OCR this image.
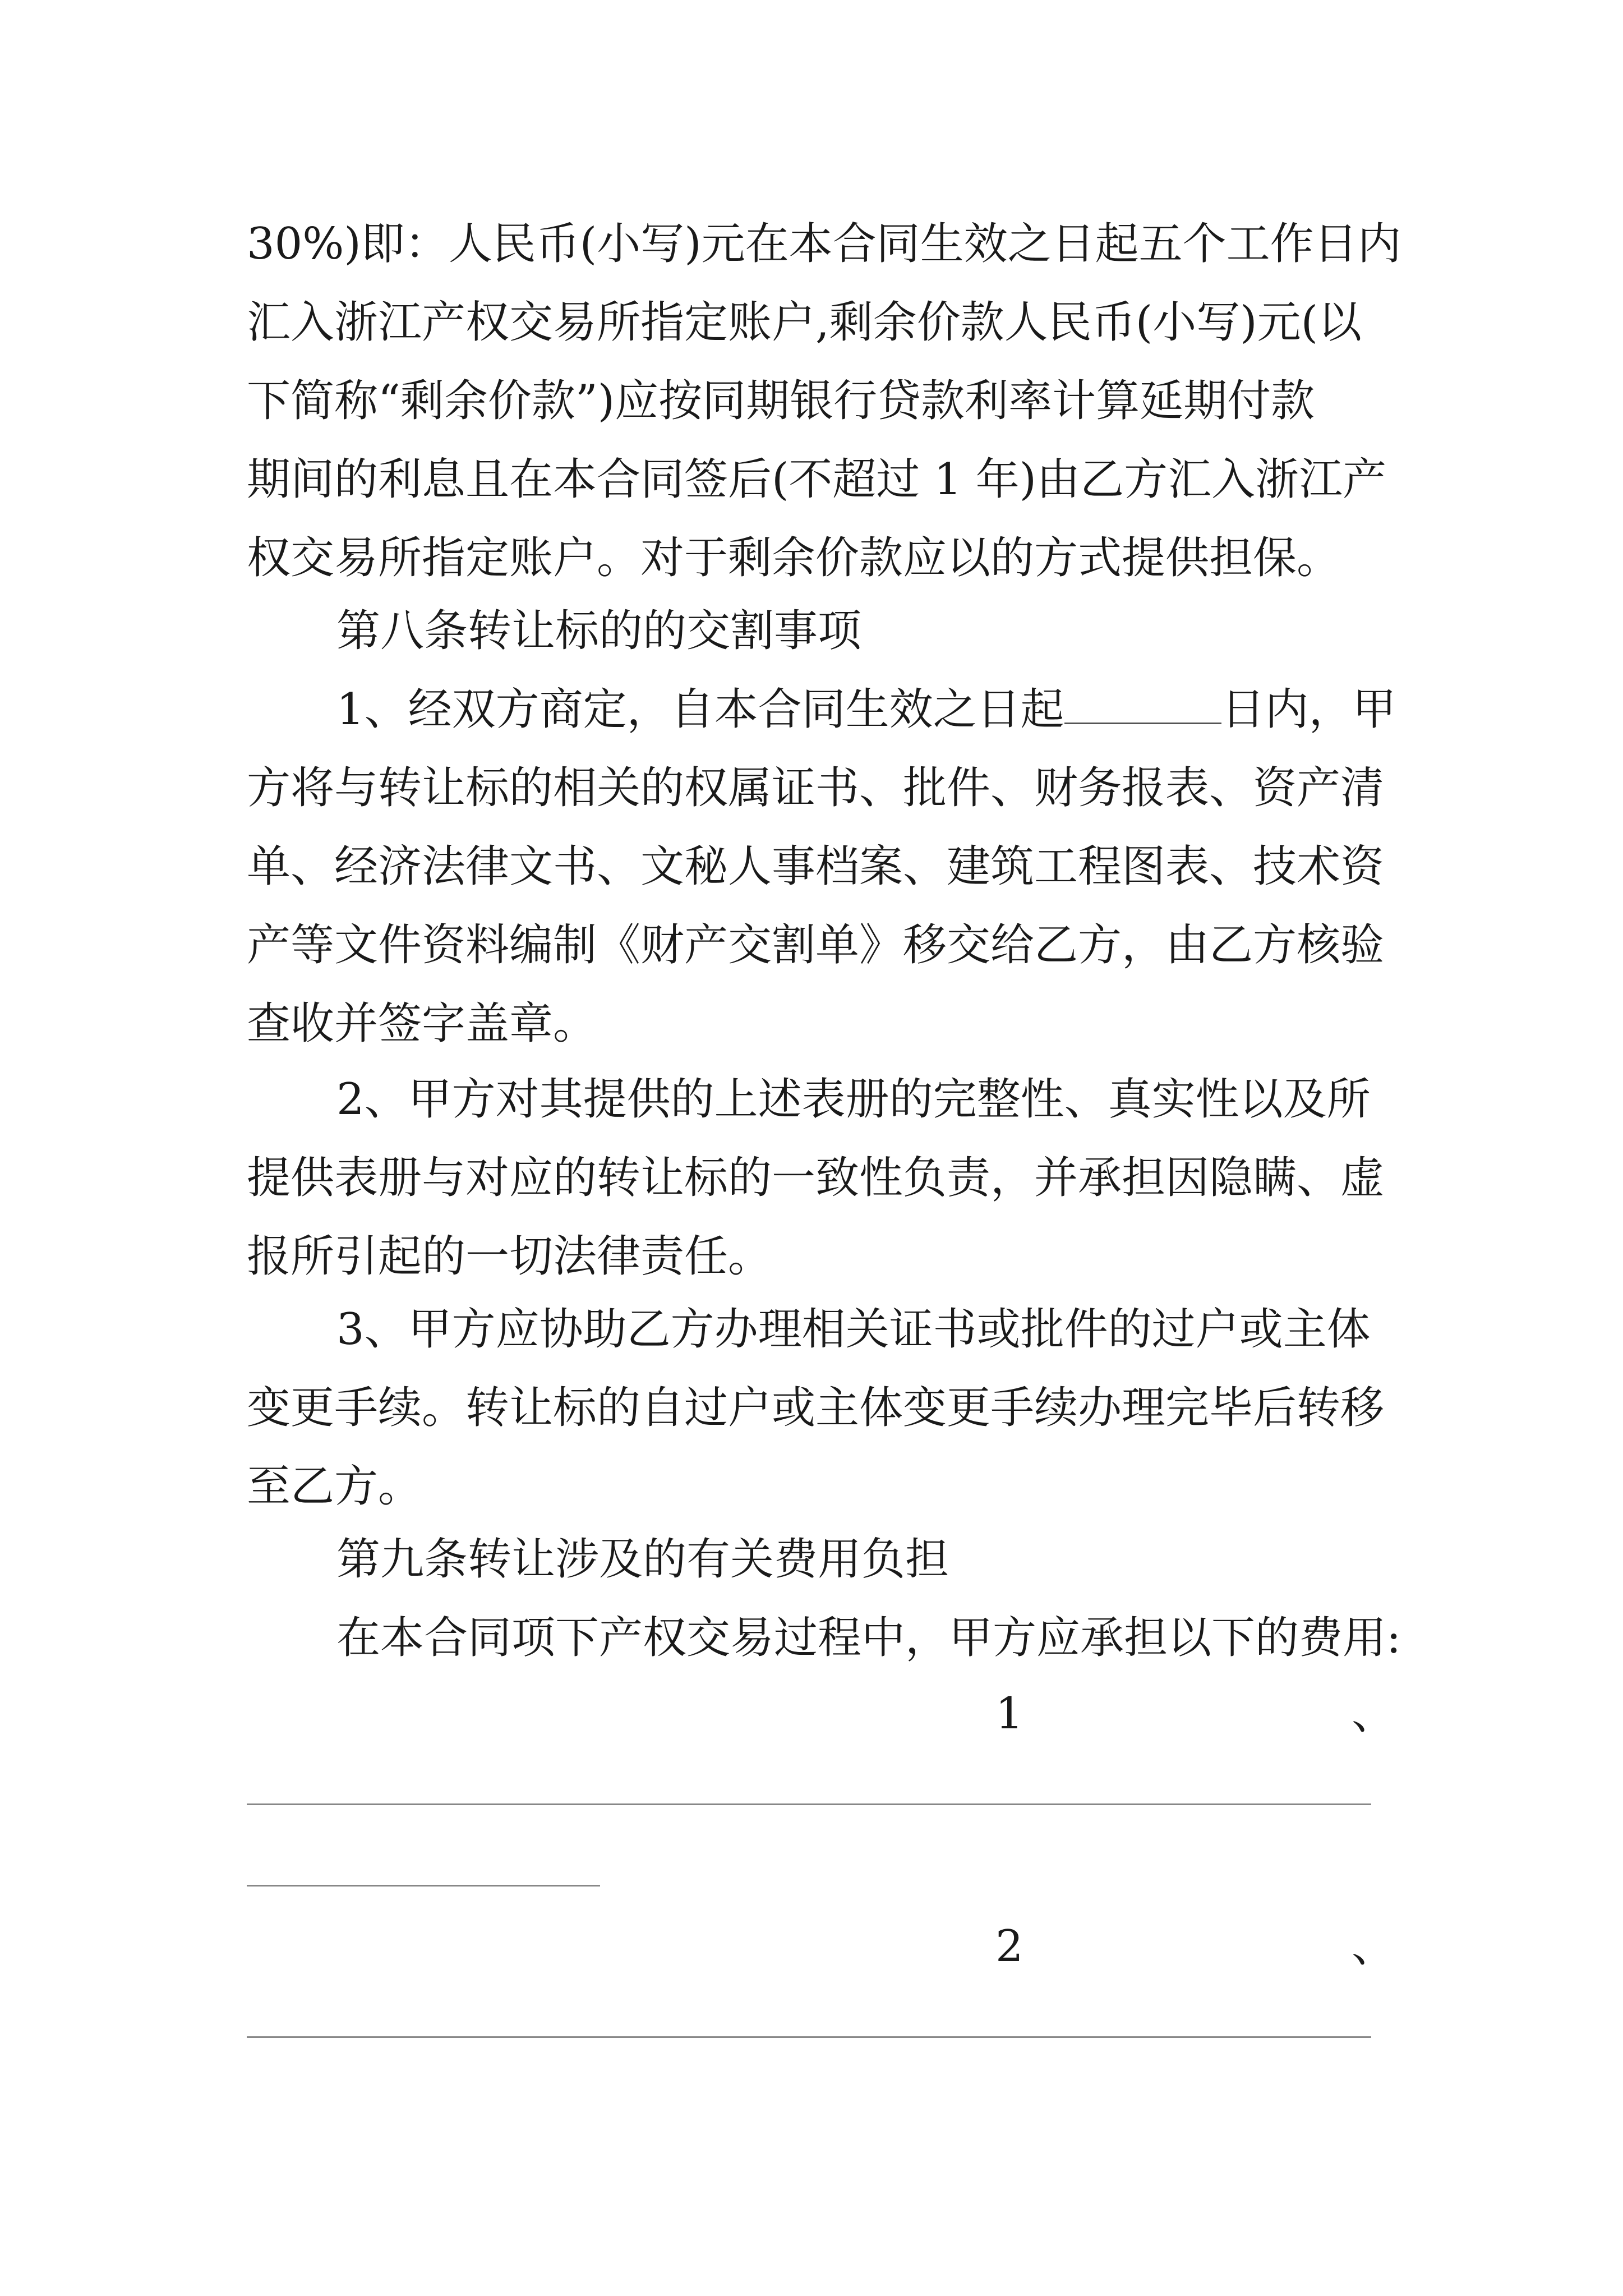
30%)即：人民币(小写)元在本合同生效之日起五个工作日内
汇入浙江产权交易所指定账户,剩余价款人民币(小写)元(以
下简称“剩余价款”)应按同期银行贷款利率计算延期付款
期间的利息且在本合同签后(不超过 1 年)由乙方汇入浙江产
权交易所指定账户。对于剩余价款应以的方式提供担保。
第八条转让标的的交割事项
1、经双方商定，自本合同生效之日起	日内，甲
方将与转让标的相关的权属证书、批件、财务报表、资产清
单、经济法律文书、文秘人事档案、建筑工程图表、技术资
产等文件资料编制《财产交割单》移交给乙方，由乙方核验
查收并签字盖章。
2、甲方对其提供的上述表册的完整性、真实性以及所
提供表册与对应的转让标的一致性负责，并承担因隐瞒、虚
报所引起的一切法律责任。
3、甲方应协助乙方办理相关证书或批件的过户或主体
变更手续。转让标的自过户或主体变更手续办理完毕后转移
至乙方。
第九条转让涉及的有关费用负担
在本合同项下产权交易过程中，甲方应承担以下的费用:
1	、
2	、
